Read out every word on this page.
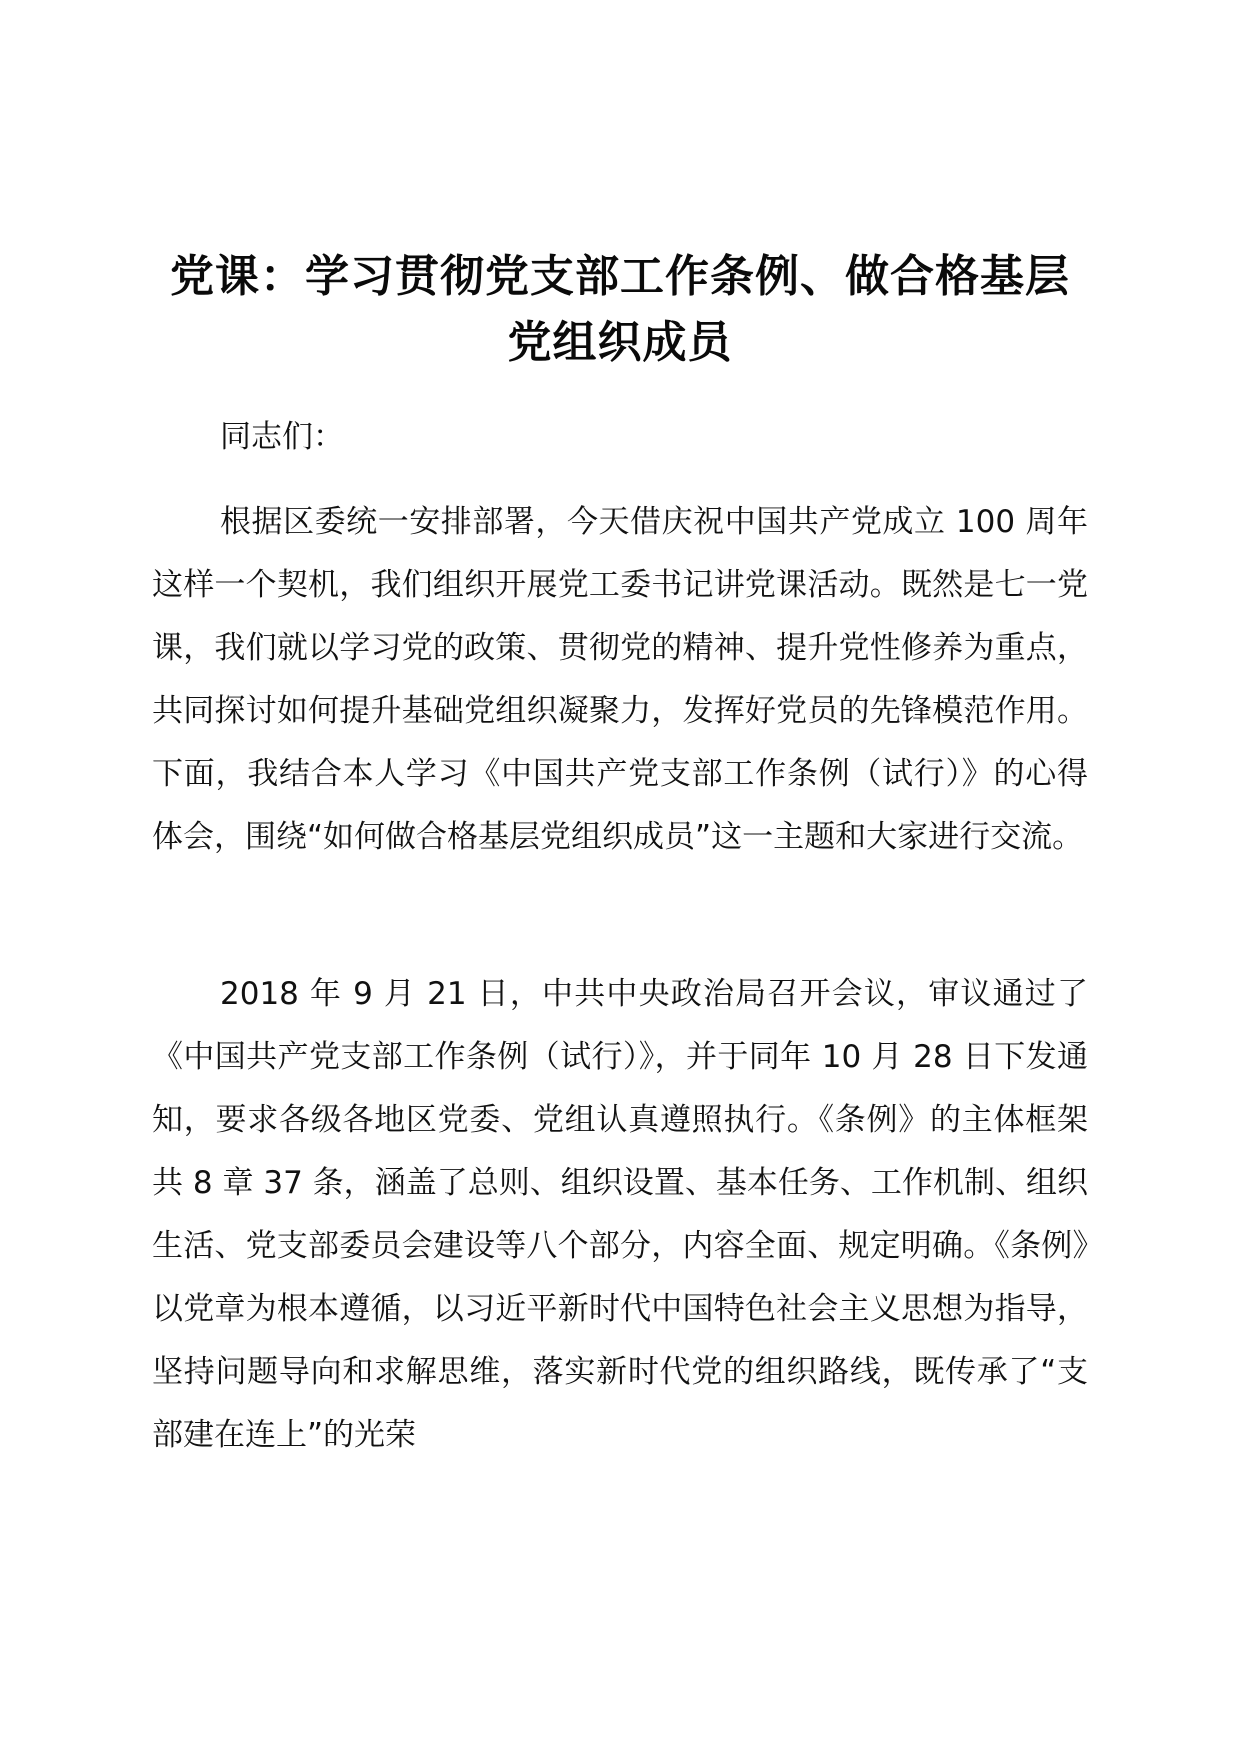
党课：学习贯彻党支部工作条例、做合格基层
党组织成员

同志们：

根据区委统一安排部署，今天借庆祝中国共产党成立 100 周年这样一个契机，我们组织开展党工委书记讲党课活动。既然是七一党课，我们就以学习党的政策、贯彻党的精神、提升党性修养为重点，共同探讨如何提升基础党组织凝聚力，发挥好党员的先锋模范作用。下面，我结合本人学习《中国共产党支部工作条例（试行）》的心得体会，围绕“如何做合格基层党组织成员”这一主题和大家进行交流。

2018 年 9 月 21 日，中共中央政治局召开会议，审议通过了《中国共产党支部工作条例（试行）》，并于同年 10 月 28 日下发通知，要求各级各地区党委、党组认真遵照执行。《条例》的主体框架共 8 章 37 条，涵盖了总则、组织设置、基本任务、工作机制、组织生活、党支部委员会建设等八个部分，内容全面、规定明确。《条例》以党章为根本遵循，以习近平新时代中国特色社会主义思想为指导，坚持问题导向和求解思维，落实新时代党的组织路线，既传承了“支部建在连上”的光荣
